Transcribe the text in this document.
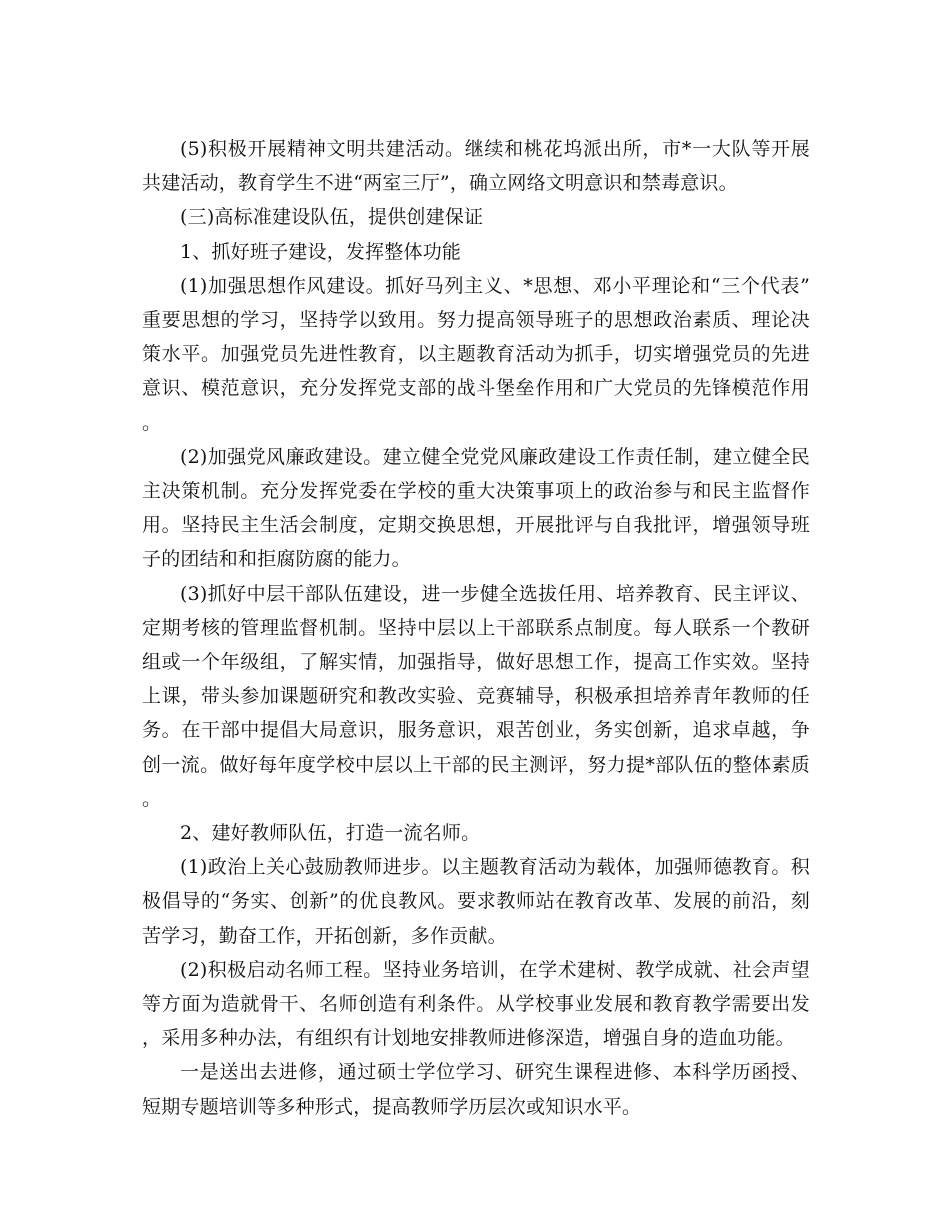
(5)积极开展精神文明共建活动。继续和桃花坞派出所，市*一大队等开展共建活动，教育学生不进“两室三厅”，确立网络文明意识和禁毒意识。

(三)高标准建设队伍，提供创建保证

1、抓好班子建设，发挥整体功能

(1)加强思想作风建设。抓好马列主义、*思想、邓小平理论和“三个代表”重要思想的学习，坚持学以致用。努力提高领导班子的思想政治素质、理论决策水平。加强党员先进性教育，以主题教育活动为抓手，切实增强党员的先进意识、模范意识，充分发挥党支部的战斗堡垒作用和广大党员的先锋模范作用。

(2)加强党风廉政建设。建立健全党党风廉政建设工作责任制，建立健全民主决策机制。充分发挥党委在学校的重大决策事项上的政治参与和民主监督作用。坚持民主生活会制度，定期交换思想，开展批评与自我批评，增强领导班子的团结和和拒腐防腐的能力。

(3)抓好中层干部队伍建设，进一步健全选拔任用、培养教育、民主评议、定期考核的管理监督机制。坚持中层以上干部联系点制度。每人联系一个教研组或一个年级组，了解实情，加强指导，做好思想工作，提高工作实效。坚持上课，带头参加课题研究和教改实验、竞赛辅导，积极承担培养青年教师的任务。在干部中提倡大局意识，服务意识，艰苦创业，务实创新，追求卓越，争创一流。做好每年度学校中层以上干部的民主测评，努力提*部队伍的整体素质。

2、建好教师队伍，打造一流名师。

(1)政治上关心鼓励教师进步。以主题教育活动为载体，加强师德教育。积极倡导的“务实、创新”的优良教风。要求教师站在教育改革、发展的前沿，刻苦学习，勤奋工作，开拓创新，多作贡献。

(2)积极启动名师工程。坚持业务培训，在学术建树、教学成就、社会声望等方面为造就骨干、名师创造有利条件。从学校事业发展和教育教学需要出发，采用多种办法，有组织有计划地安排教师进修深造，增强自身的造血功能。

一是送出去进修，通过硕士学位学习、研究生课程进修、本科学历函授、短期专题培训等多种形式，提高教师学历层次或知识水平。
